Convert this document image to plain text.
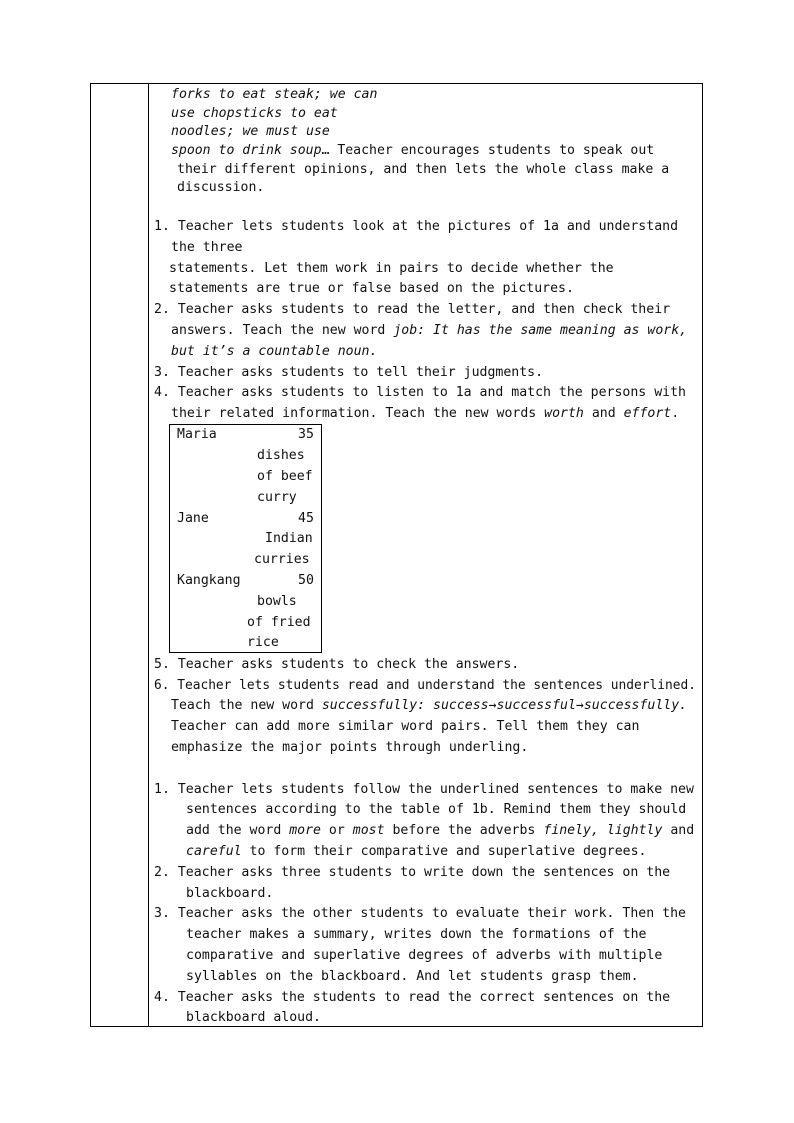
forks to eat steak; we can
use chopsticks to eat
noodles; we must use
spoon to drink soup… Teacher encourages students to speak out
their different opinions, and then lets the whole class make a
discussion.
1. Teacher lets students look at the pictures of 1a and understand
the three
statements. Let them work in pairs to decide whether the
statements are true or false based on the pictures.
2. Teacher asks students to read the letter, and then check their
answers. Teach the new word job: It has the same meaning as work,
but it’s a countable noun.
3. Teacher asks students to tell their judgments.
4. Teacher asks students to listen to 1a and match the persons with
their related information. Teach the new words worth and effort.
Maria	35
dishes
of beef
curry
Jane	45
Indian
curries
Kangkang	50
bowls
of fried
rice
5. Teacher asks students to check the answers.
6. Teacher lets students read and understand the sentences underlined.
Teach the new word successfully: success→successful→successfully.
Teacher can add more similar word pairs. Tell them they can
emphasize the major points through underling.
1. Teacher lets students follow the underlined sentences to make new
sentences according to the table of 1b. Remind them they should
add the word more or most before the adverbs finely, lightly and
careful to form their comparative and superlative degrees.
2. Teacher asks three students to write down the sentences on the
blackboard.
3. Teacher asks the other students to evaluate their work. Then the
teacher makes a summary, writes down the formations of the
comparative and superlative degrees of adverbs with multiple
syllables on the blackboard. And let students grasp them.
4. Teacher asks the students to read the correct sentences on the
blackboard aloud.
